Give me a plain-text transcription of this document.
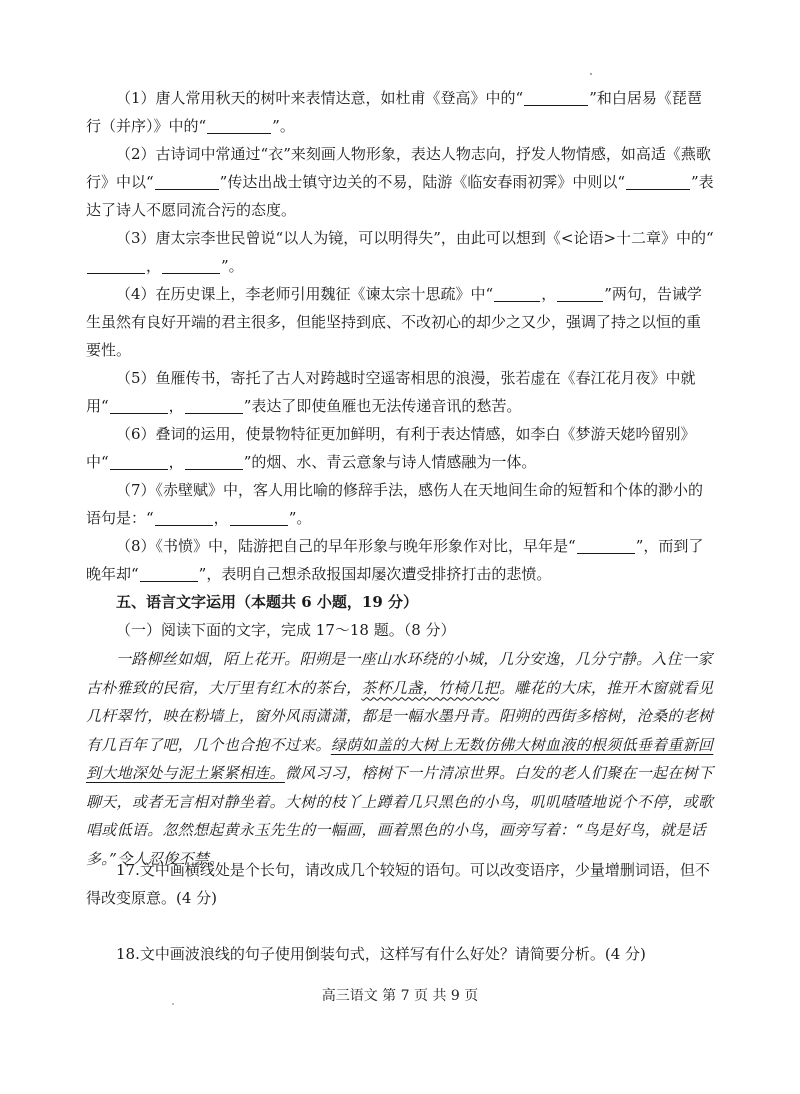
（1）唐人常用秋天的树叶来表情达意，如杜甫《登高》中的“	”和白居易《琵琶行（并序）》中的“	”。

（2）古诗词中常通过“衣”来刻画人物形象，表达人物志向，抒发人物情感，如高适《燕歌行》中以“	”传达出战士镇守边关的不易，陆游《临安春雨初霁》中则以“	”表达了诗人不愿同流合污的态度。

（3）唐太宗李世民曾说“以人为镜，可以明得失”，由此可以想到《<论语>十二章》中的“，	”。

（4）在历史课上，李老师引用魏征《谏太宗十思疏》中“	，	”两句，告诫学生虽然有良好开端的君主很多，但能坚持到底、不改初心的却少之又少，强调了持之以恒的重要性。

（5）鱼雁传书，寄托了古人对跨越时空遥寄相思的浪漫，张若虚在《春江花月夜》中就用“	，	”表达了即使鱼雁也无法传递音讯的愁苦。

（6）叠词的运用，使景物特征更加鲜明，有利于表达情感，如李白《梦游天姥吟留别》中“	，	”的烟、水、青云意象与诗人情感融为一体。

（7）《赤壁赋》中，客人用比喻的修辞手法，感伤人在天地间生命的短暂和个体的渺小的语句是：“	，	”。

（8）《书愤》中，陆游把自己的早年形象与晚年形象作对比，早年是“	”，而到了晚年却“	”，表明自己想杀敌报国却屡次遭受排挤打击的悲愤。

五、语言文字运用（本题共 6 小题，19 分）

（一）阅读下面的文字，完成 17～18 题。（8 分）

一路柳丝如烟，陌上花开。阳朔是一座山水环绕的小城，几分安逸，几分宁静。入住一家古朴雅致的民宿，大厅里有红木的茶台，茶杯几盏，竹椅几把。雕花的大床，推开木窗就看见几杆翠竹，映在粉墙上，窗外风雨潇潇，都是一幅水墨丹青。阳朔的西街多榕树，沧桑的老树有几百年了吧，几个也合抱不过来。绿荫如盖的大树上无数仿佛大树血液的根须低垂着重新回到大地深处与泥土紧紧相连。微风习习，榕树下一片清凉世界。白发的老人们聚在一起在树下聊天，或者无言相对静坐着。大树的枝丫上蹲着几只黑色的小鸟，叽叽喳喳地说个不停，或歌唱或低语。忽然想起黄永玉先生的一幅画，画着黑色的小鸟，画旁写着：“鸟是好鸟，就是话多。”令人忍俊不禁。

17.文中画横线处是个长句，请改成几个较短的语句。可以改变语序，少量增删词语，但不得改变原意。(4 分)

18.文中画波浪线的句子使用倒装句式，这样写有什么好处？请简要分析。(4 分)

高三语文 第 7 页 共 9 页
